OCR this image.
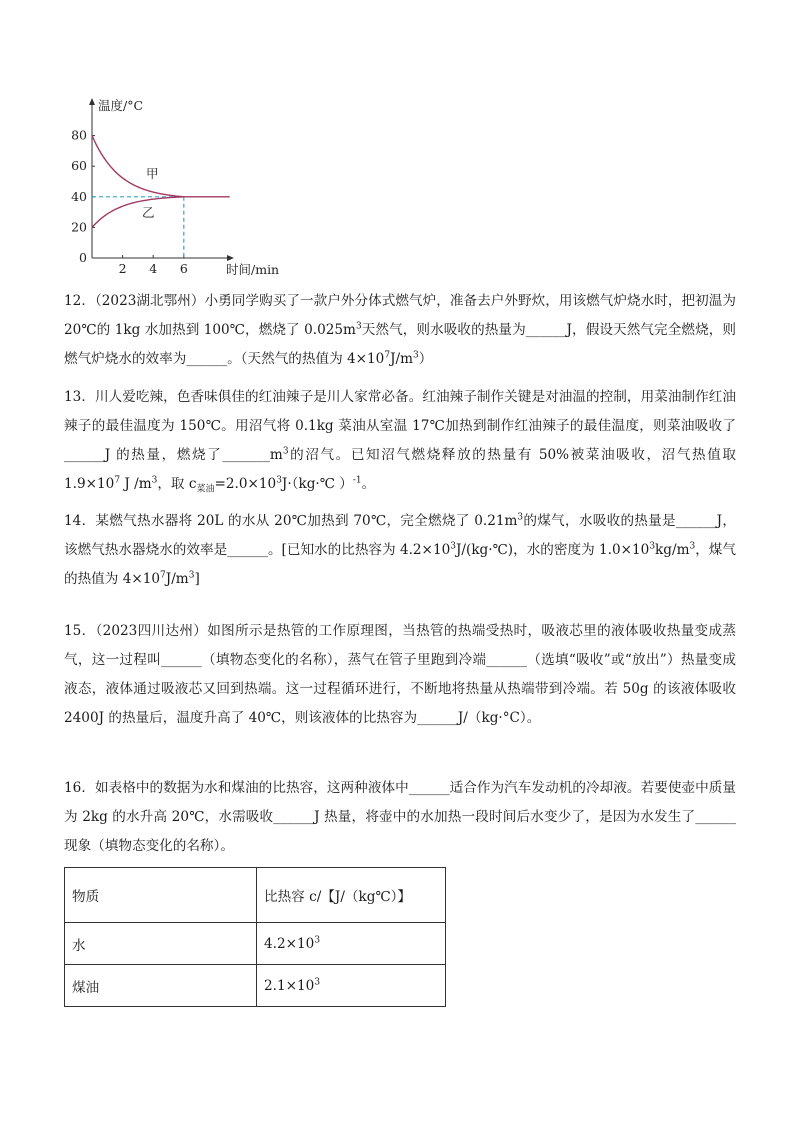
温度/°C
时间/min
80
60
40
20
0
2 4 6
甲
乙

12．（2023湖北鄂州）小勇同学购买了一款户外分体式燃气炉，准备去户外野炊，用该燃气炉烧水时，把初温为 20℃的 1kg 水加热到 100℃，燃烧了 $0.025m^3$天然气，则水吸收的热量为______J，假设天然气完全燃烧，则燃气炉烧水的效率为______。（天然气的热值为 $4\times 10^7J/m^3$）

13．川人爱吃辣，色香味俱佳的红油辣子是川人家常必备。红油辣子制作关键是对油温的控制，用菜油制作红油辣子的最佳温度为 150℃。用沼气将 0.1kg 菜油从室温 17℃加热到制作红油辣子的最佳温度，则菜油吸收了______J 的热量，燃烧了$\_\_\_\_\_\_\_m^3$的沼气。已知沼气燃烧释放的热量有 50%被菜油吸收，沼气热值取 $1.9\times 10^7$ J $/m^3$，取 $c_{菜油}=2.0\times 10^3J\cdot(kg\cdot℃$ ）$^{-1}$。

14．某燃气热水器将 20L 的水从 20℃加热到 70℃，完全燃烧了 $0.21m^3$的煤气，水吸收的热量是______J，该燃气热水器烧水的效率是______。[已知水的比热容为 $4.2\times 10^3J/(kg\cdot℃)$，水的密度为 $1.0\times 10^3kg/m^3$，煤气的热值为 $4\times 10^7J/m^3$]

15．（2023四川达州）如图所示是热管的工作原理图，当热管的热端受热时，吸液芯里的液体吸收热量变成蒸气，这一过程叫______（填物态变化的名称），蒸气在管子里跑到冷端______（选填“吸收”或“放出”）热量变成液态，液体通过吸液芯又回到热端。这一过程循环进行，不断地将热量从热端带到冷端。若 50g 的该液体吸收 2400J 的热量后，温度升高了 40℃，则该液体的比热容为______J/（kg·°C）。

16．如表格中的数据为水和煤油的比热容，这两种液体中______适合作为汽车发动机的冷却液。若要使壶中质量为 2kg 的水升高 20℃，水需吸收______J 热量，将壶中的水加热一段时间后水变少了，是因为水发生了______现象（填物态变化的名称）。

物质	比热容 c/【J/（kg℃）】
水	$4.2\times 10^3$
煤油	$2.1\times 10^3$
